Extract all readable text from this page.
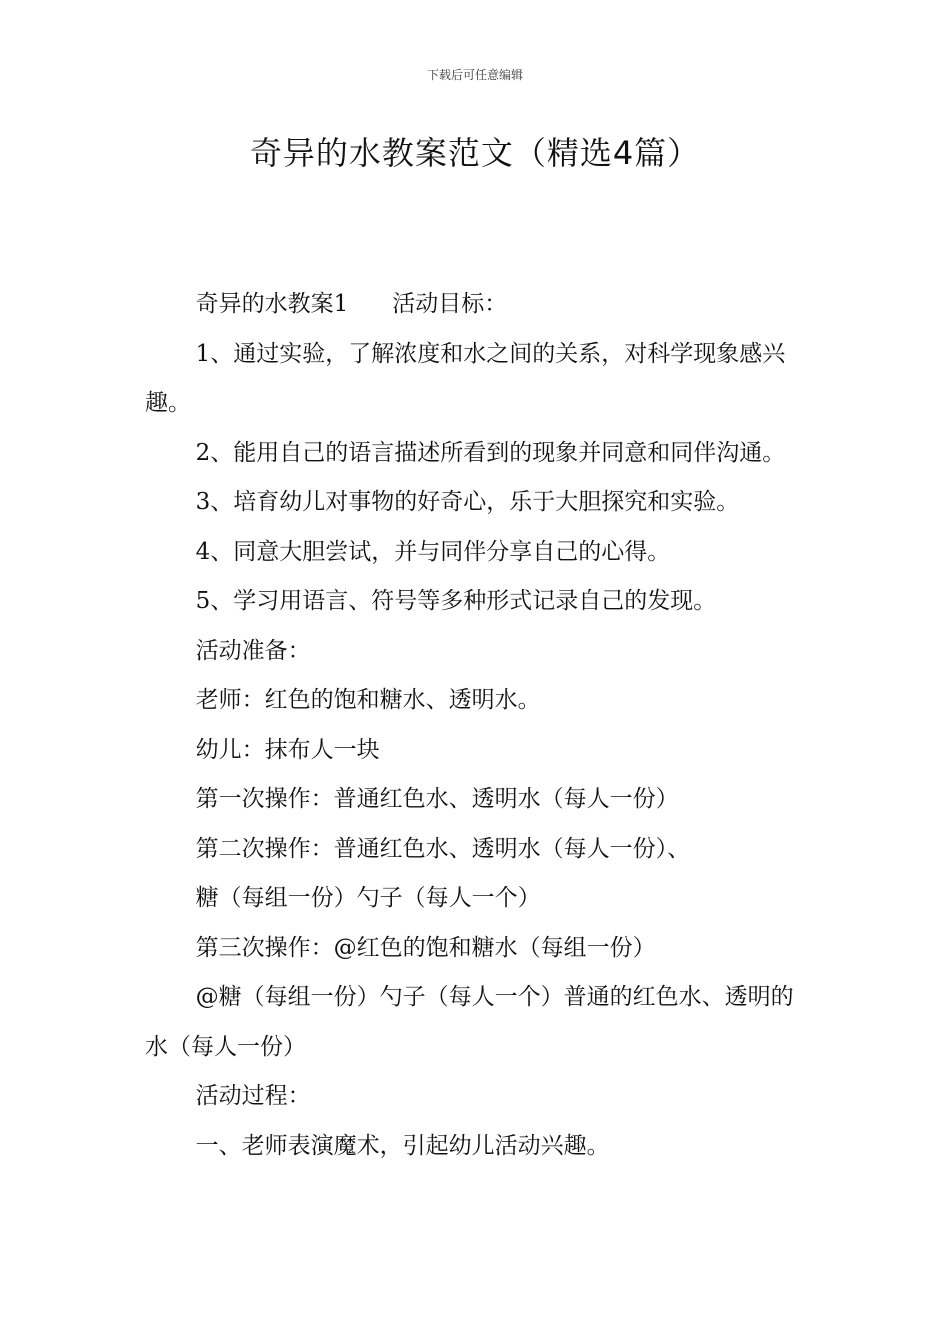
下载后可任意编辑
奇异的水教案范文（精选4篇）

奇异的水教案1 活动目标：

1、通过实验，了解浓度和水之间的关系，对科学现象感兴趣。

2、能用自己的语言描述所看到的现象并同意和同伴沟通。

3、培育幼儿对事物的好奇心，乐于大胆探究和实验。

4、同意大胆尝试，并与同伴分享自己的心得。

5、学习用语言、符号等多种形式记录自己的发现。

活动准备：

老师：红色的饱和糖水、透明水。

幼儿：抹布人一块

第一次操作：普通红色水、透明水（每人一份）

第二次操作：普通红色水、透明水（每人一份）、

糖（每组一份）勺子（每人一个）

第三次操作：@红色的饱和糖水（每组一份）

@糖（每组一份）勺子（每人一个）普通的红色水、透明的水（每人一份）

活动过程：

一、老师表演魔术，引起幼儿活动兴趣。
